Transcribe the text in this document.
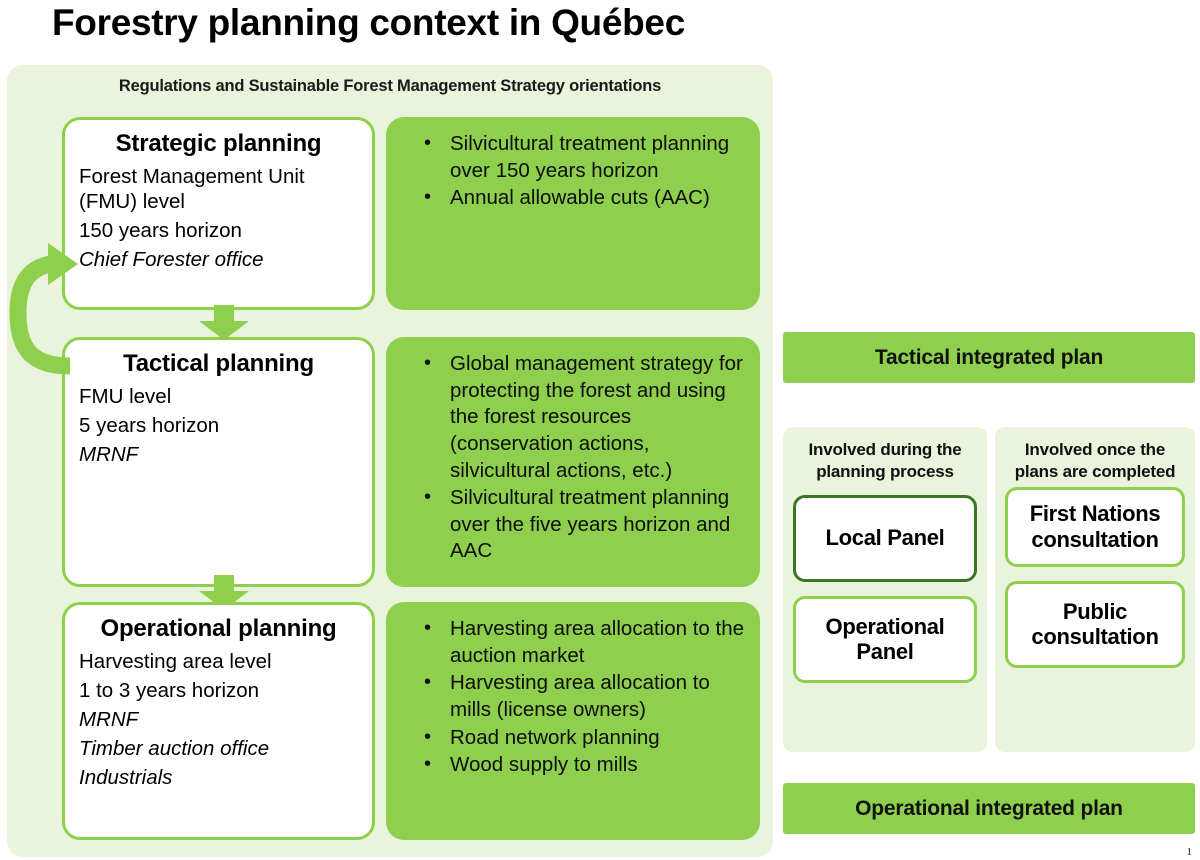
Forestry planning context in Québec
Regulations and Sustainable Forest Management Strategy orientations
Strategic planning
Forest Management Unit (FMU) level
150 years horizon
Chief Forester office
• Silvicultural treatment planning over 150 years horizon
• Annual allowable cuts (AAC)
Tactical planning
FMU level
5 years horizon
MRNF
• Global management strategy for protecting the forest and using the forest resources (conservation actions, silvicultural actions, etc.)
• Silvicultural treatment planning over the five years horizon and AAC
Operational planning
Harvesting area level
1 to 3 years horizon
MRNF
Timber auction office
Industrials
• Harvesting area allocation to the auction market
• Harvesting area allocation to mills (license owners)
• Road network planning
• Wood supply to mills
Tactical integrated plan
Involved during the planning process
Local Panel
Operational Panel
Involved once the plans are completed
First Nations consultation
Public consultation
Operational integrated plan
1
